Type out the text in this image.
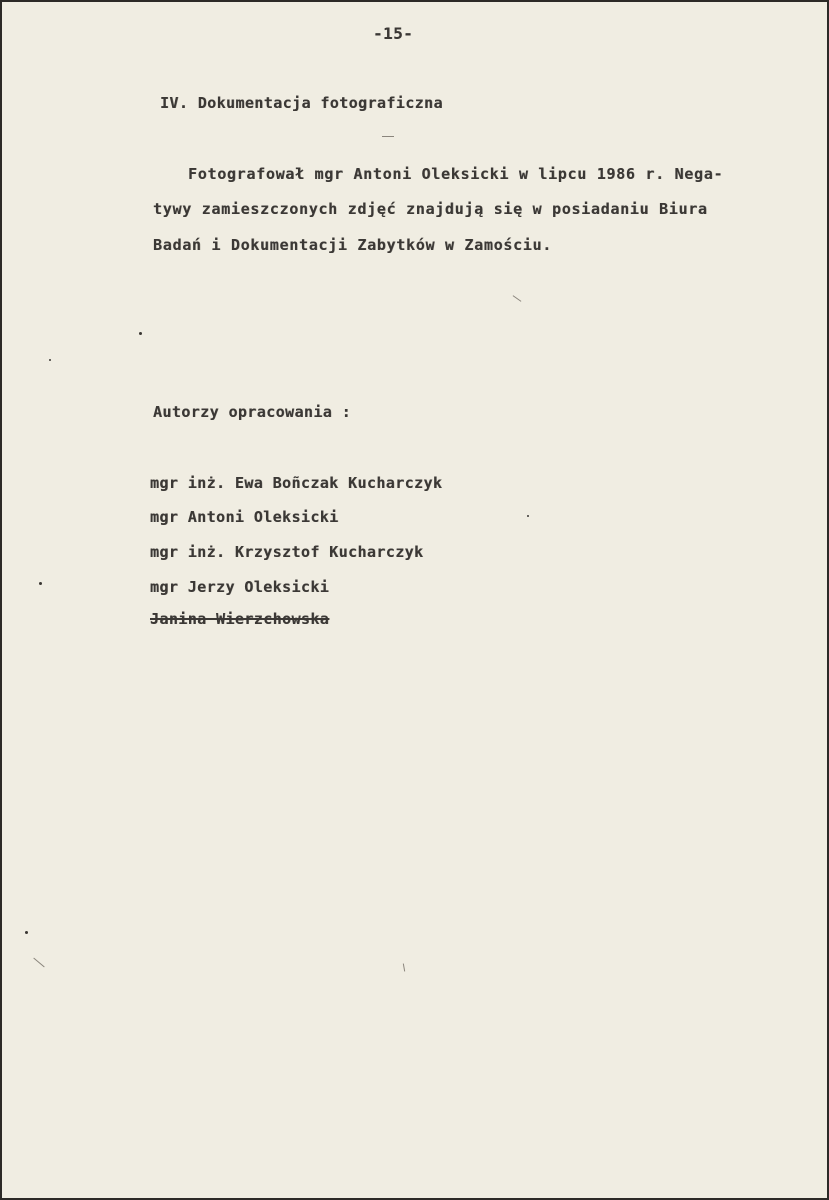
-15-
IV. Dokumentacja fotograficzna
Fotografował mgr Antoni Oleksicki w lipcu 1986 r. Nega-
tywy zamieszczonych zdjęć znajdują się w posiadaniu Biura
Badań i Dokumentacji Zabytków w Zamościu.
Autorzy opracowania :
mgr inż. Ewa Boñczak Kucharczyk
mgr Antoni Oleksicki
mgr inż. Krzysztof Kucharczyk
mgr Jerzy Oleksicki
Janina Wierzchowska
